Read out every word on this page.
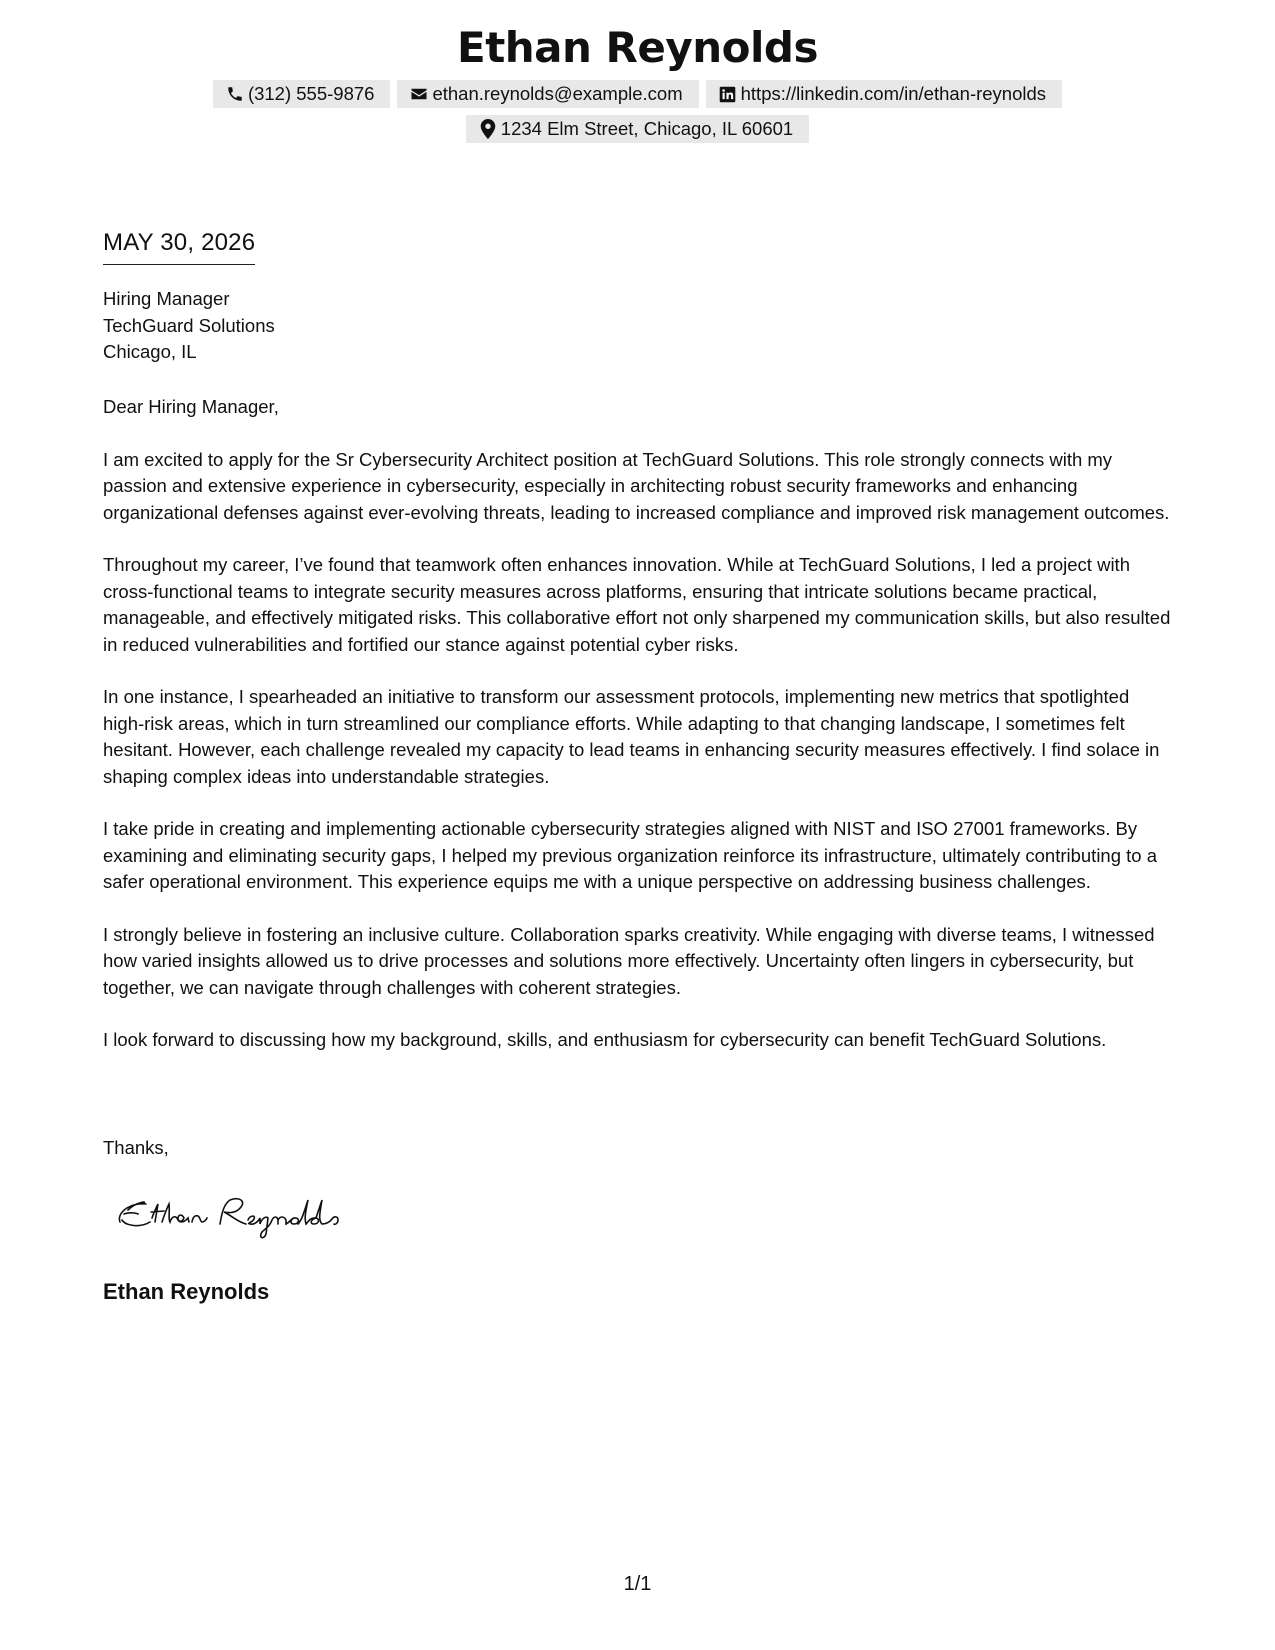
Ethan Reynolds
(312) 555-9876	ethan.reynolds@example.com	https://linkedin.com/in/ethan-reynolds
1234 Elm Street, Chicago, IL 60601
MAY 30, 2026
Hiring Manager
TechGuard Solutions
Chicago, IL

Dear Hiring Manager,

I am excited to apply for the Sr Cybersecurity Architect position at TechGuard Solutions. This role strongly connects with my passion and extensive experience in cybersecurity, especially in architecting robust security frameworks and enhancing organizational defenses against ever-evolving threats, leading to increased compliance and improved risk management outcomes.

Throughout my career, I’ve found that teamwork often enhances innovation. While at TechGuard Solutions, I led a project with cross-functional teams to integrate security measures across platforms, ensuring that intricate solutions became practical, manageable, and effectively mitigated risks. This collaborative effort not only sharpened my communication skills, but also resulted in reduced vulnerabilities and fortified our stance against potential cyber risks.

In one instance, I spearheaded an initiative to transform our assessment protocols, implementing new metrics that spotlighted high-risk areas, which in turn streamlined our compliance efforts. While adapting to that changing landscape, I sometimes felt hesitant. However, each challenge revealed my capacity to lead teams in enhancing security measures effectively. I find solace in shaping complex ideas into understandable strategies.

I take pride in creating and implementing actionable cybersecurity strategies aligned with NIST and ISO 27001 frameworks. By examining and eliminating security gaps, I helped my previous organization reinforce its infrastructure, ultimately contributing to a safer operational environment. This experience equips me with a unique perspective on addressing business challenges.

I strongly believe in fostering an inclusive culture. Collaboration sparks creativity. While engaging with diverse teams, I witnessed how varied insights allowed us to drive processes and solutions more effectively. Uncertainty often lingers in cybersecurity, but together, we can navigate through challenges with coherent strategies.

I look forward to discussing how my background, skills, and enthusiasm for cybersecurity can benefit TechGuard Solutions.

Thanks,
Ethan Reynolds
1/1
